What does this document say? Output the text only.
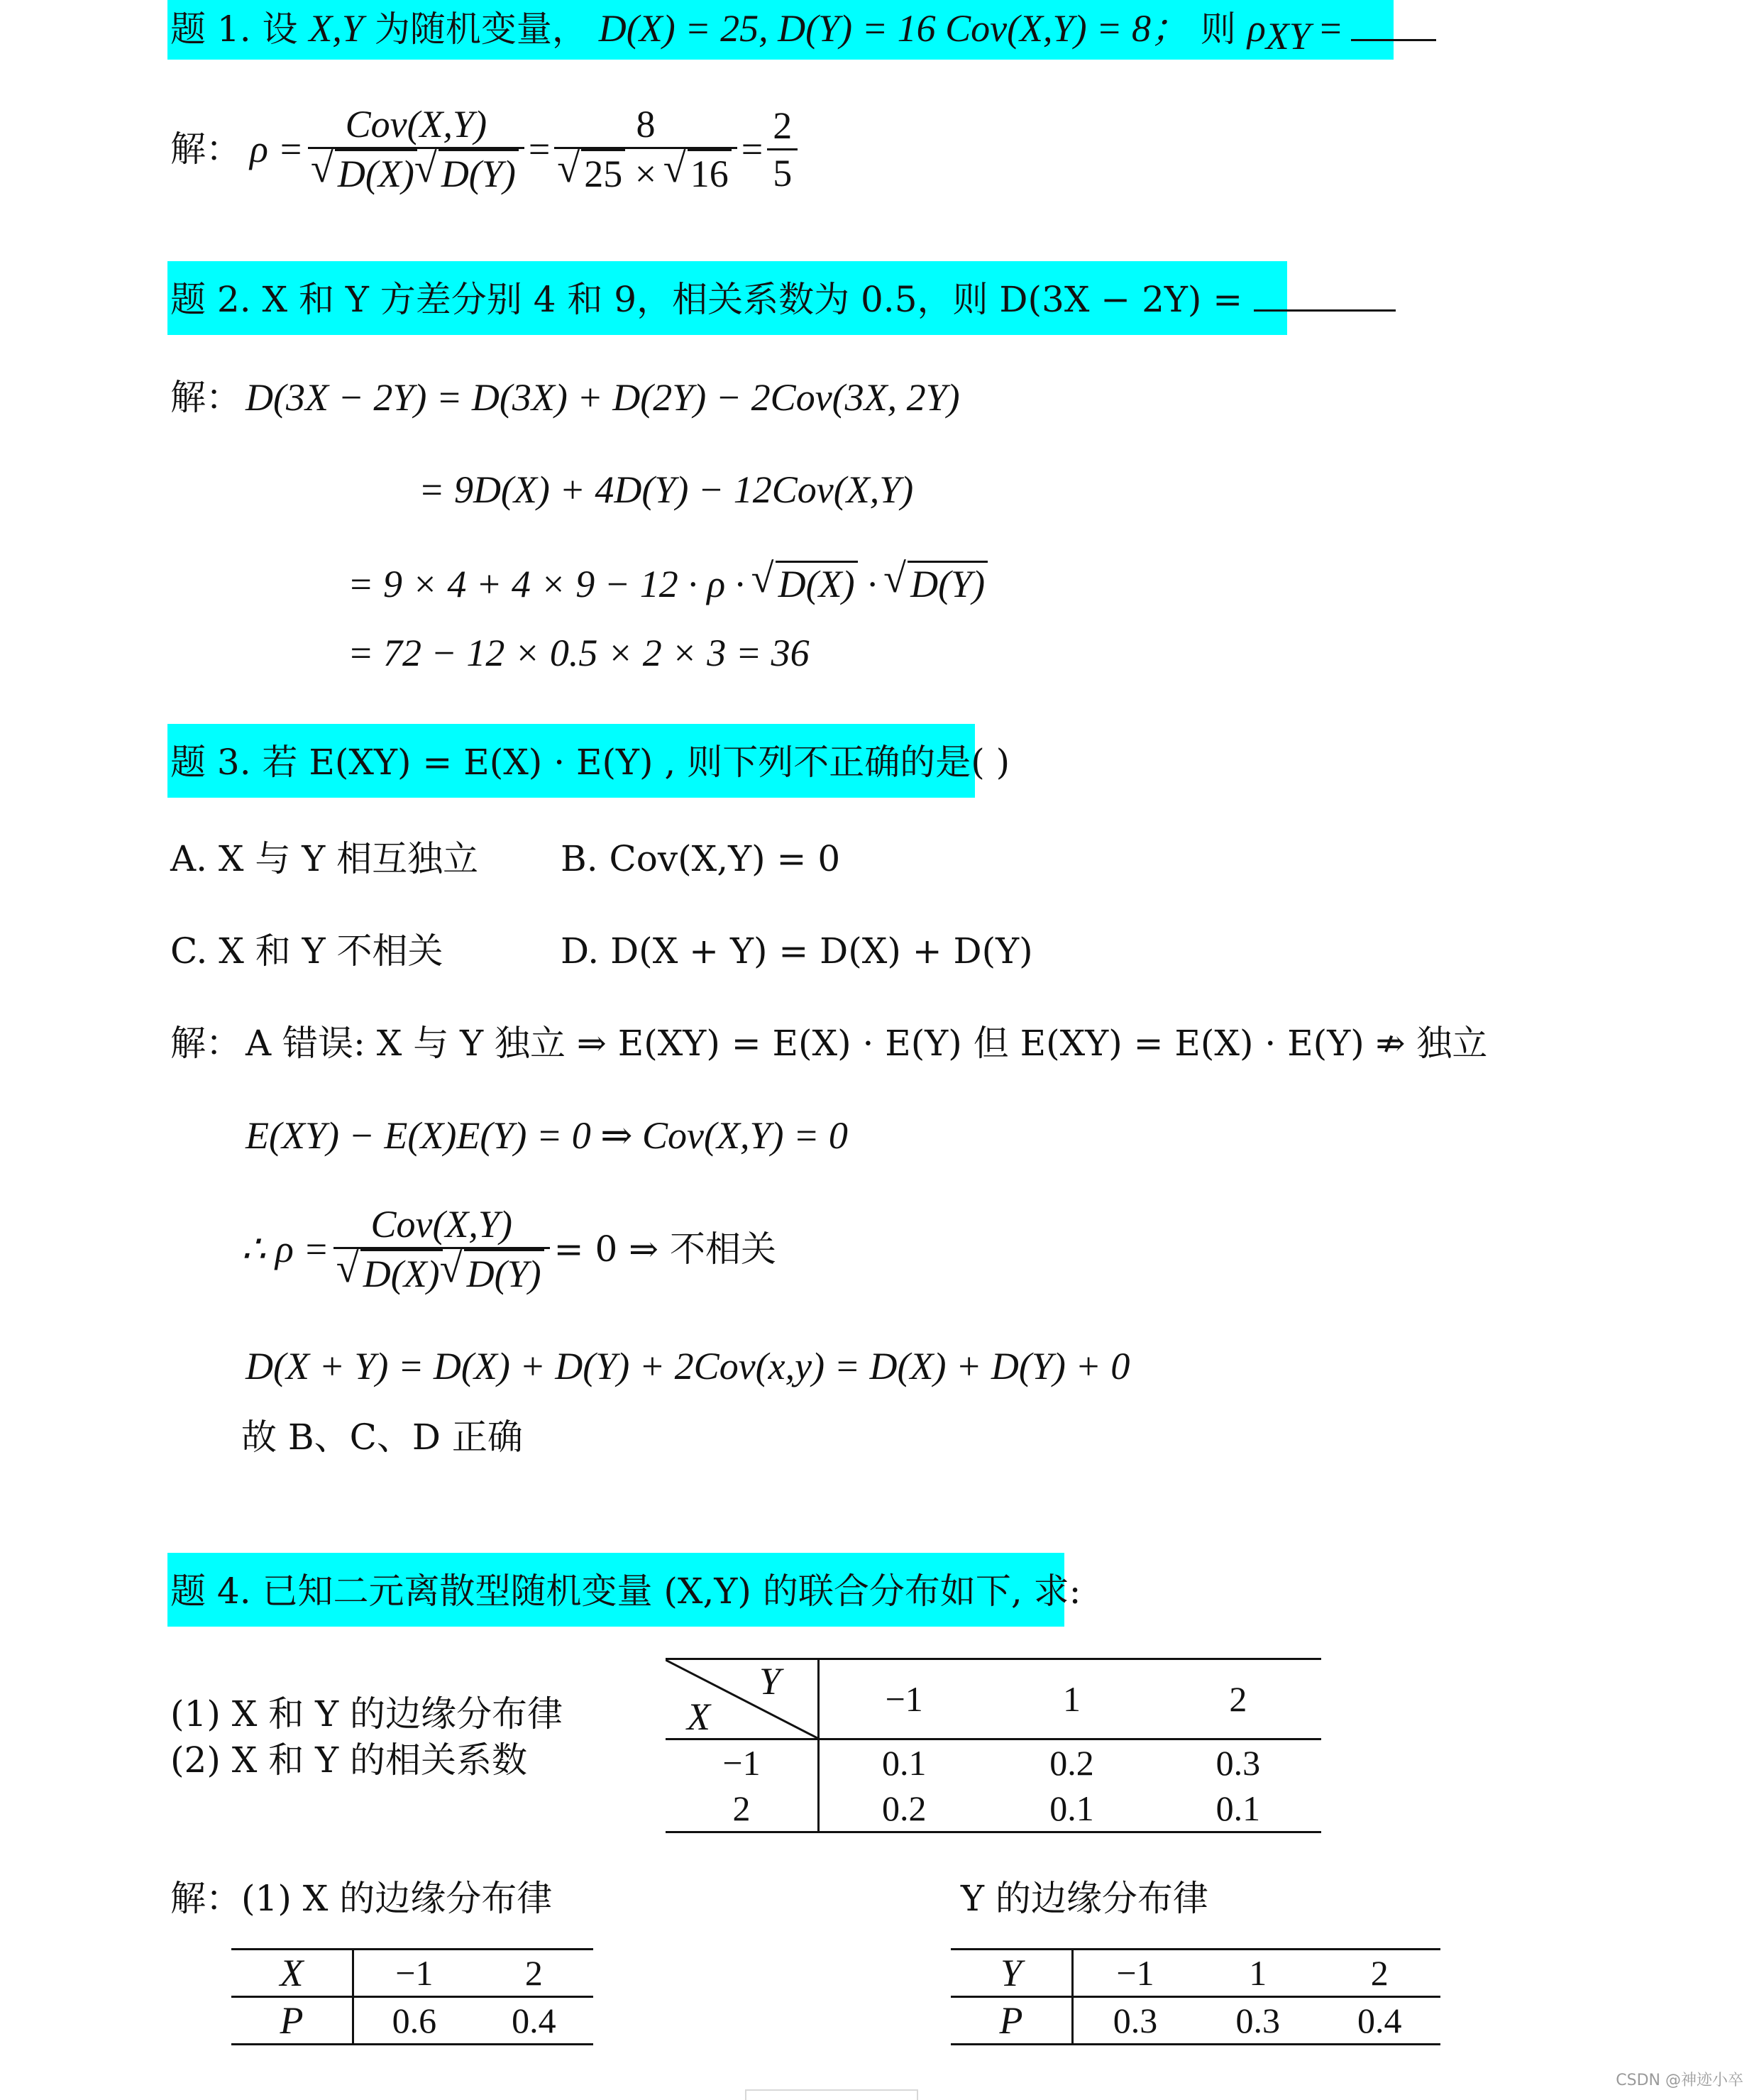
题 1. 设 X,Y 为随机变量， D(X) = 25, D(Y) = 16 Cov(X,Y) = 8； 则 $\rho_{XY}$ =
解： ρ = Cov(X,Y)
√ D(X) √ D(Y) = 8
√ 25 × √ $16 = \frac{2}{5}$
题 2. X 和 Y 方差分别 4 和 9，相关系数为 0.5，则 D(3X − 2Y) =
解： D(3X − 2Y) = D(3X) + D(2Y) − 2Cov(3X, 2Y)
= 9D(X) + 4D(Y) − 12Cov(X,Y)
= 9 × 4 + 4 × 9 − 12 · ρ · √ D(X) · √ D(Y)
= 72 − 12 × 0.5 × 2 × 3 = 36
题 3. 若 E(XY) = E(X) · E(Y) , 则下列不正确的是( )
A. X 与 Y 相互独立 B. Cov(X,Y) = 0
C. X 和 Y 不相关	D. D(X + Y) = D(X) + D(Y)
解： A 错误: X 与 Y 独立 ⇒ E(XY) = E(X) · E(Y) 但 E(XY) = E(X) · E(Y) ⇏ 独立
E(XY) − E(X)E(Y) = 0 ⇒ Cov(X,Y) = 0
∴ ρ = Cov(X,Y)
√ D(X) √ D(Y) = 0 ⇒ 不相关
D(X + Y) = D(X) + D(Y) + 2Cov(x,y) = D(X) + D(Y) + 0
故 B、C、D 正确
题 4. 已知二元离散型随机变量 (X,Y) 的联合分布如下, 求:
(1) X 和 Y 的边缘分布律
(2) X 和 Y 的相关系数
Y
X	−1	1	2
−1	0.1	0.2	0.3
2	0.2	0.1	0.1
解：(1) X 的边缘分布律	Y 的边缘分布律
X	−1	2
P	0.6	0.4
Y	−1	1	2
P	0.3	0.3	0.4
CSDN @神迹小卒
